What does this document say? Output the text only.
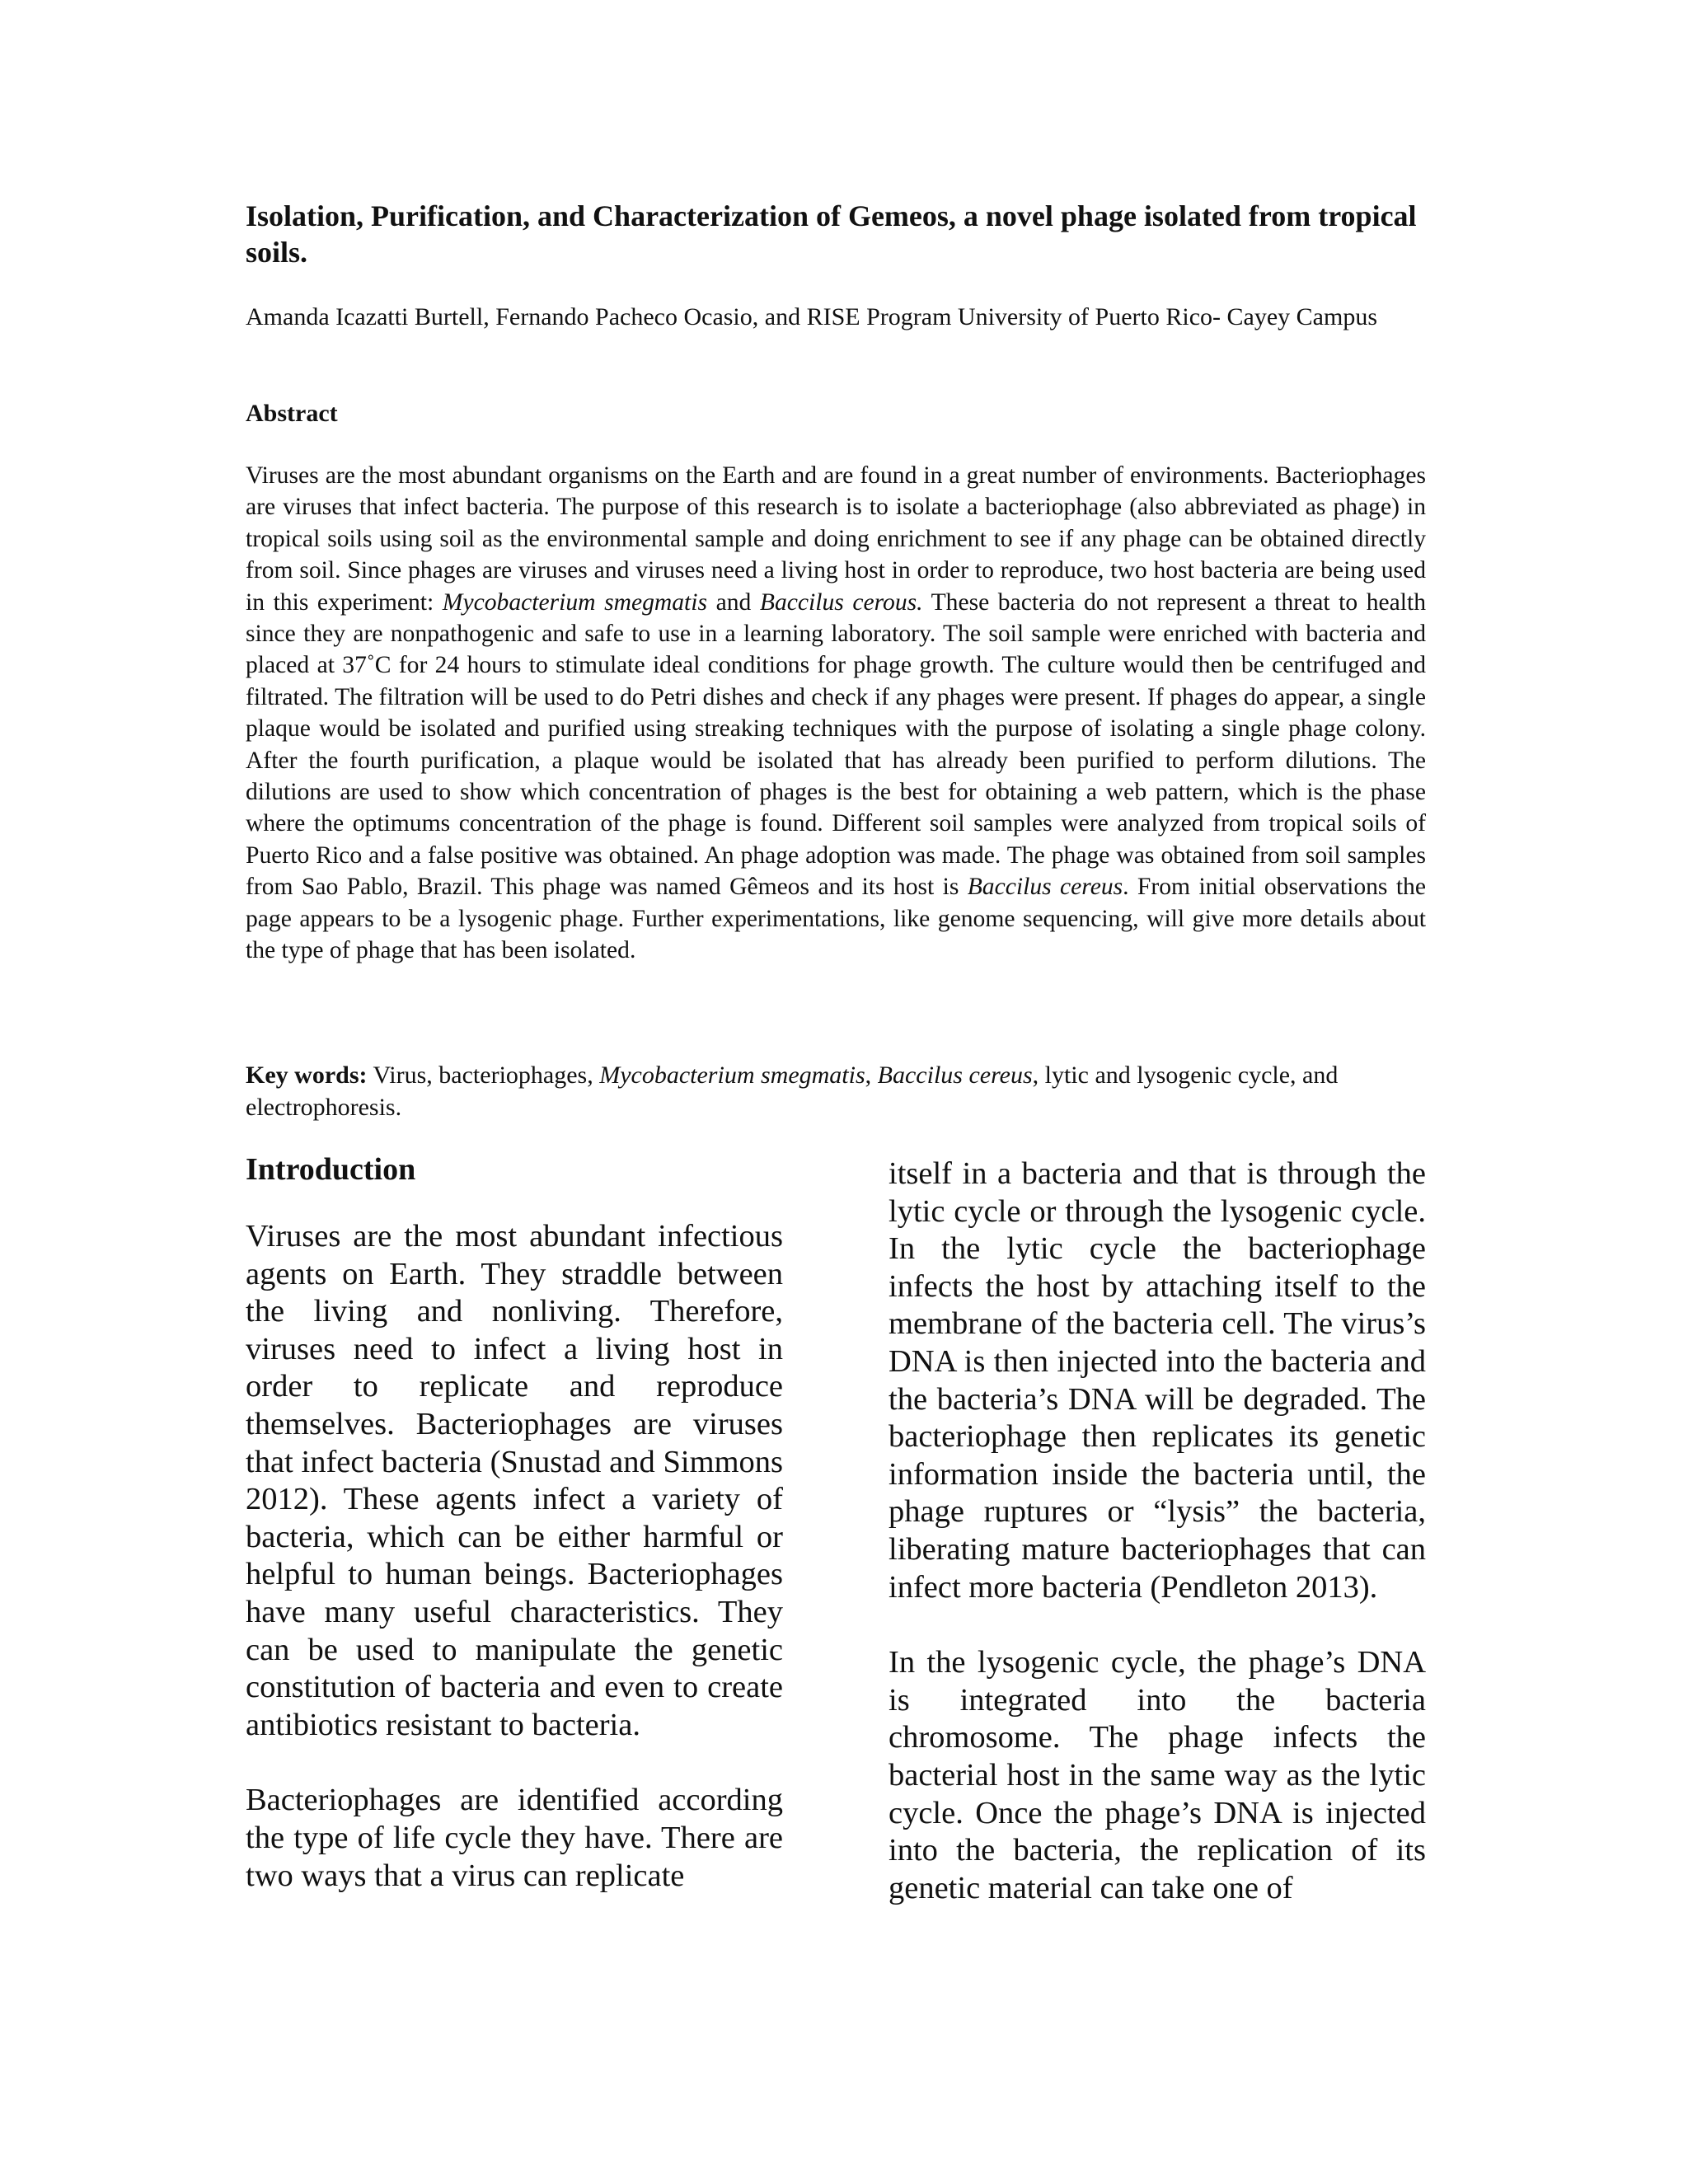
Isolation, Purification, and Characterization of Gemeos, a novel phage isolated from tropical soils.

Amanda Icazatti Burtell, Fernando Pacheco Ocasio, and RISE Program University of Puerto Rico- Cayey Campus

Abstract

Viruses are the most abundant organisms on the Earth and are found in a great number of environments. Bacteriophages are viruses that infect bacteria. The purpose of this research is to isolate a bacteriophage (also abbreviated as phage) in tropical soils using soil as the environmental sample and doing enrichment to see if any phage can be obtained directly from soil. Since phages are viruses and viruses need a living host in order to reproduce, two host bacteria are being used in this experiment: Mycobacterium smegmatis and Baccilus cerous. These bacteria do not represent a threat to health since they are nonpathogenic and safe to use in a learning laboratory. The soil sample were enriched with bacteria and placed at 37˚C for 24 hours to stimulate ideal conditions for phage growth. The culture would then be centrifuged and filtrated. The filtration will be used to do Petri dishes and check if any phages were present. If phages do appear, a single plaque would be isolated and purified using streaking techniques with the purpose of isolating a single phage colony. After the fourth purification, a plaque would be isolated that has already been purified to perform dilutions. The dilutions are used to show which concentration of phages is the best for obtaining a web pattern, which is the phase where the optimums concentration of the phage is found. Different soil samples were analyzed from tropical soils of Puerto Rico and a false positive was obtained. An phage adoption was made. The phage was obtained from soil samples from Sao Pablo, Brazil. This phage was named Gêmeos and its host is Baccilus cereus. From initial observations the page appears to be a lysogenic phage. Further experimentations, like genome sequencing, will give more details about the type of phage that has been isolated.

Key words: Virus, bacteriophages, Mycobacterium smegmatis, Baccilus cereus, lytic and lysogenic cycle, and electrophoresis.

Introduction

Viruses are the most abundant infectious agents on Earth. They straddle between the living and nonliving. Therefore, viruses need to infect a living host in order to replicate and reproduce themselves. Bacteriophages are viruses that infect bacteria (Snustad and Simmons 2012). These agents infect a variety of bacteria, which can be either harmful or helpful to human beings. Bacteriophages have many useful characteristics. They can be used to manipulate the genetic constitution of bacteria and even to create antibiotics resistant to bacteria.

Bacteriophages are identified according the type of life cycle they have. There are two ways that a virus can replicate

itself in a bacteria and that is through the lytic cycle or through the lysogenic cycle. In the lytic cycle the bacteriophage infects the host by attaching itself to the membrane of the bacteria cell. The virus’s DNA is then injected into the bacteria and the bacteria’s DNA will be degraded. The bacteriophage then replicates its genetic information inside the bacteria until, the phage ruptures or “lysis” the bacteria, liberating mature bacteriophages that can infect more bacteria (Pendleton 2013).

In the lysogenic cycle, the phage’s DNA is integrated into the bacteria chromosome. The phage infects the bacterial host in the same way as the lytic cycle. Once the phage’s DNA is injected into the bacteria, the replication of its genetic material can take one of
